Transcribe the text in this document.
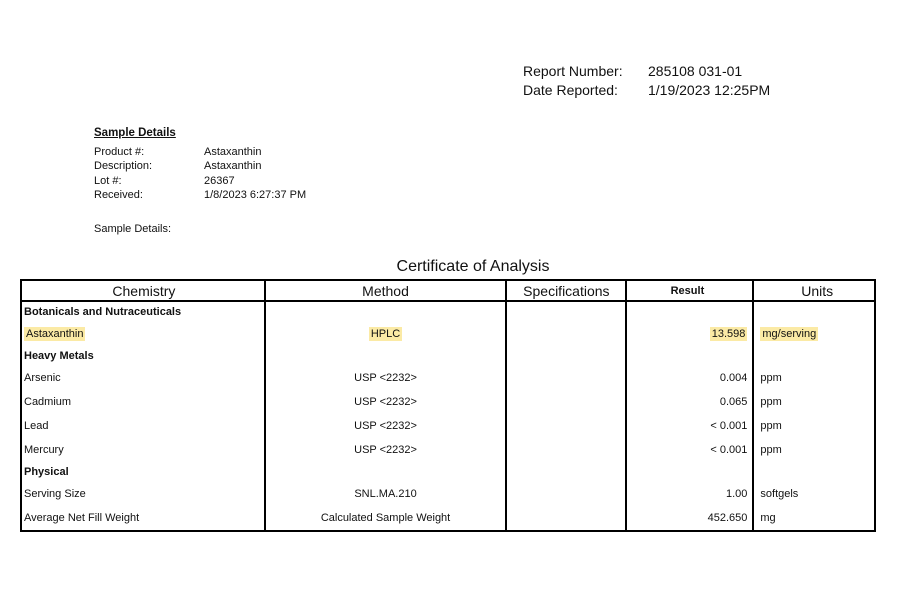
Report Number: 285108 031-01
Date Reported: 1/19/2023 12:25PM
Sample Details
Product #:	Astaxanthin
Description:	Astaxanthin
Lot #:	26367
Received:	1/8/2023 6:27:37 PM
Sample Details:
Certificate of Analysis
Chemistry	Method	Specifications	Result	Units
Botanicals and Nutraceuticals				
Astaxanthin	HPLC		13.598	mg/serving
Heavy Metals				
Arsenic	USP <2232>		0.004	ppm
Cadmium	USP <2232>		0.065	ppm
Lead	USP <2232>		< 0.001	ppm
Mercury	USP <2232>		< 0.001	ppm
Physical				
Serving Size	SNL.MA.210		1.00	softgels
Average Net Fill Weight	Calculated Sample Weight		452.650	mg
